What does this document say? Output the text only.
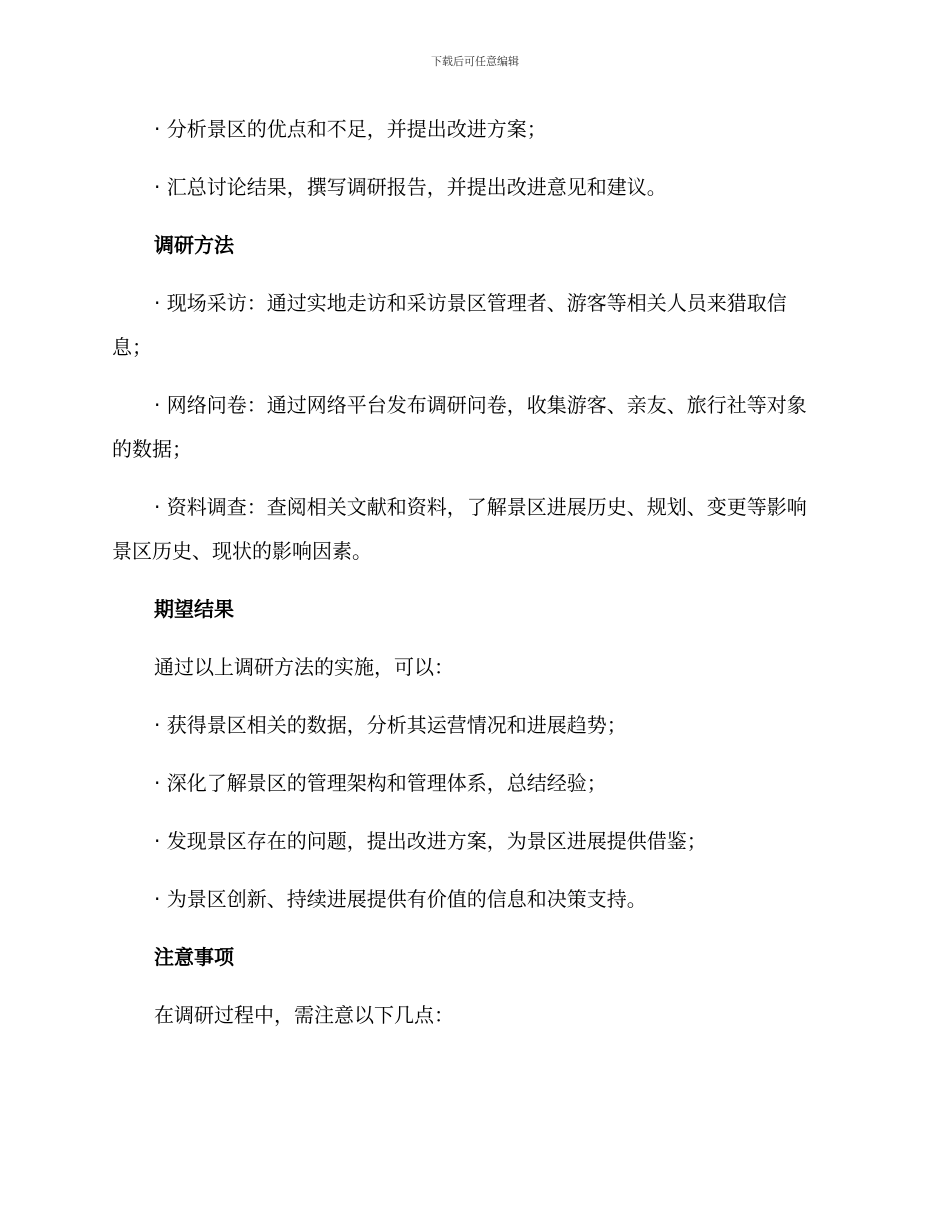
下载后可任意编辑

· 分析景区的优点和不足，并提出改进方案；

· 汇总讨论结果，撰写调研报告，并提出改进意见和建议。

调研方法

· 现场采访：通过实地走访和采访景区管理者、游客等相关人员来猎取信息；

· 网络问卷：通过网络平台发布调研问卷，收集游客、亲友、旅行社等对象的数据；

· 资料调查：查阅相关文献和资料，了解景区进展历史、规划、变更等影响景区历史、现状的影响因素。

期望结果

通过以上调研方法的实施，可以：

· 获得景区相关的数据，分析其运营情况和进展趋势；

· 深化了解景区的管理架构和管理体系，总结经验；

· 发现景区存在的问题，提出改进方案，为景区进展提供借鉴；

· 为景区创新、持续进展提供有价值的信息和决策支持。

注意事项

在调研过程中，需注意以下几点：
